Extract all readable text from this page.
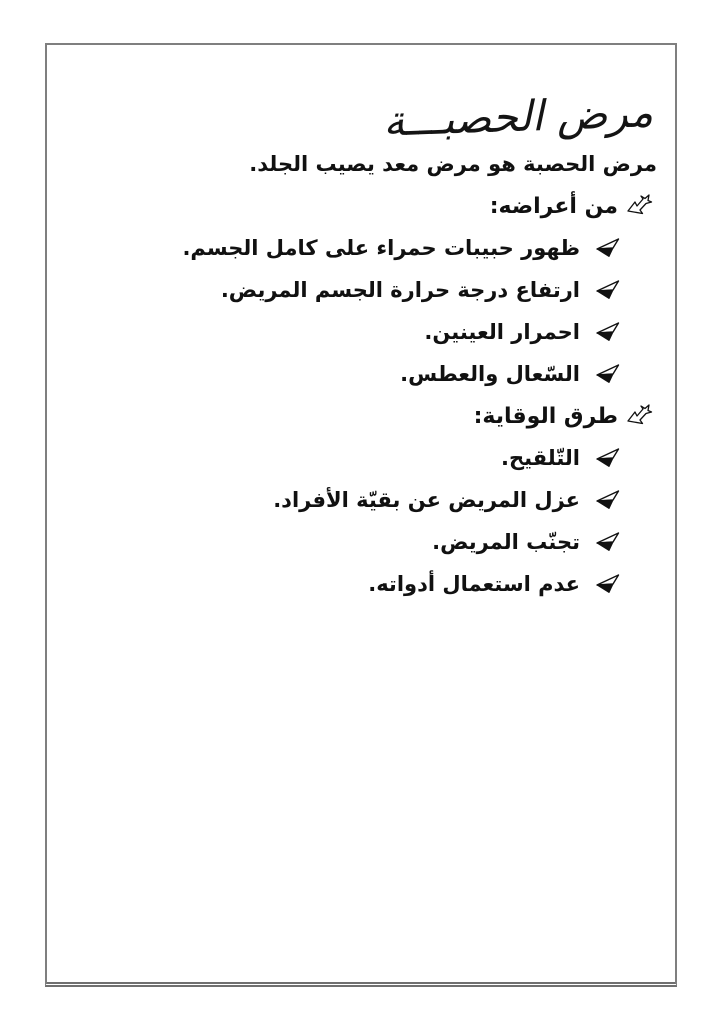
مرض الحصبـــة
مرض الحصبة هو مرض معد يصيب الجلد.
من أعراضه:
ظهور حبيبات حمراء على كامل الجسم.
ارتفاع درجة حرارة الجسم المريض.
احمرار العينين.
السّعال والعطس.
طرق الوقاية:
التّلقيح.
عزل المريض عن بقيّة الأفراد.
تجنّب المريض.
عدم استعمال أدواته.
